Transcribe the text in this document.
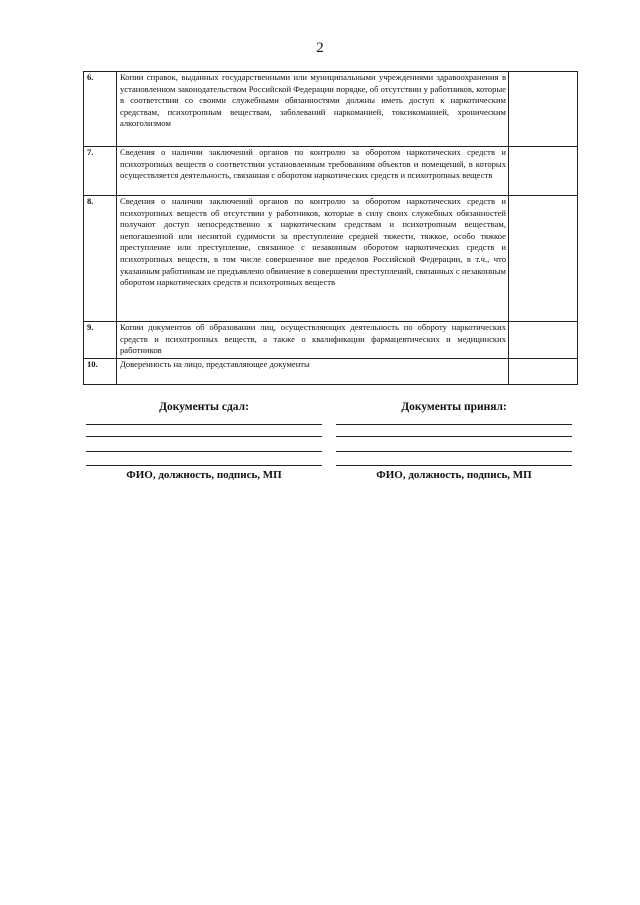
2
6.	Копии справок, выданных государственными или муниципальными учреждениями здравоохранения в установленном законодательством Российской Федерации порядке, об отсутствии у работников, которые в соответствии со своими служебными обязанностями должны иметь доступ к наркотическим средствам, психотропным веществам, заболеваний наркоманией, токсикоманией, хроническим алкоголизмом	
7.	Сведения о наличии заключений органов по контролю за оборотом наркотических средств и психотропных веществ о соответствии установленным требованиям объектов и помещений, в которых осуществляется деятельность, связанная с оборотом наркотических средств и психотропных веществ	
8.	Сведения о наличии заключений органов по контролю за оборотом наркотических средств и психотропных веществ об отсутствии у работников, которые в силу своих служебных обязанностей получают доступ непосредственно к наркотическим средствам и психотропным веществам, непогашенной или неснятой судимости за преступление средней тяжести, тяжкое, особо тяжкое преступление или преступление, связанное с незаконным оборотом наркотических средств и психотропных веществ, в том числе совершенное вне пределов Российской Федерации, в т.ч., что указанным работникам не предъявлено обвинение в совершении преступлений, связанных с незаконным оборотом наркотических средств и психотропных веществ	
9.	Копии документов об образовании лиц, осуществляющих деятельность по обороту наркотических средств и психотропных веществ, а также о квалификации фармацевтических и медицинских работников	
10.	Доверенность на лицо, представляющее документы	
Документы сдал:
ФИО, должность, подпись, МП
Документы принял:
ФИО, должность, подпись, МП
